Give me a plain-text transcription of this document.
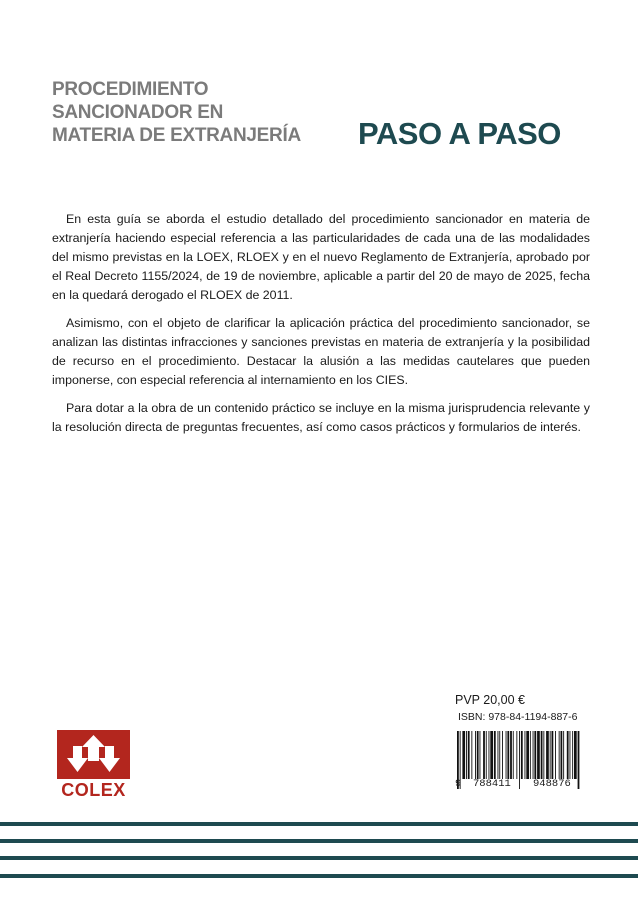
PROCEDIMIENTO
SANCIONADOR EN
MATERIA DE EXTRANJERÍA	PASO A PASO

En esta guía se aborda el estudio detallado del procedimiento sancionador en materia de extranjería haciendo especial referencia a las particularidades de cada una de las modalidades del mismo previstas en la LOEX, RLOEX y en el nuevo Reglamento de Extranjería, aprobado por el Real Decreto 1155/2024, de 19 de noviembre, aplicable a partir del 20 de mayo de 2025, fecha en la quedará derogado el RLOEX de 2011.

Asimismo, con el objeto de clarificar la aplicación práctica del procedimiento sancionador, se analizan las distintas infracciones y sanciones previstas en materia de extranjería y la posibilidad de recurso en el procedimiento. Destacar la alusión a las medidas cautelares que pueden imponerse, con especial referencia al internamiento en los CIES.

Para dotar a la obra de un contenido práctico se incluye en la misma jurisprudencia relevante y la resolución directa de preguntas frecuentes, así como casos prácticos y formularios de interés.

PVP 20,00 €
ISBN: 978-84-1194-887-6
9 788411 948876
COLEX
